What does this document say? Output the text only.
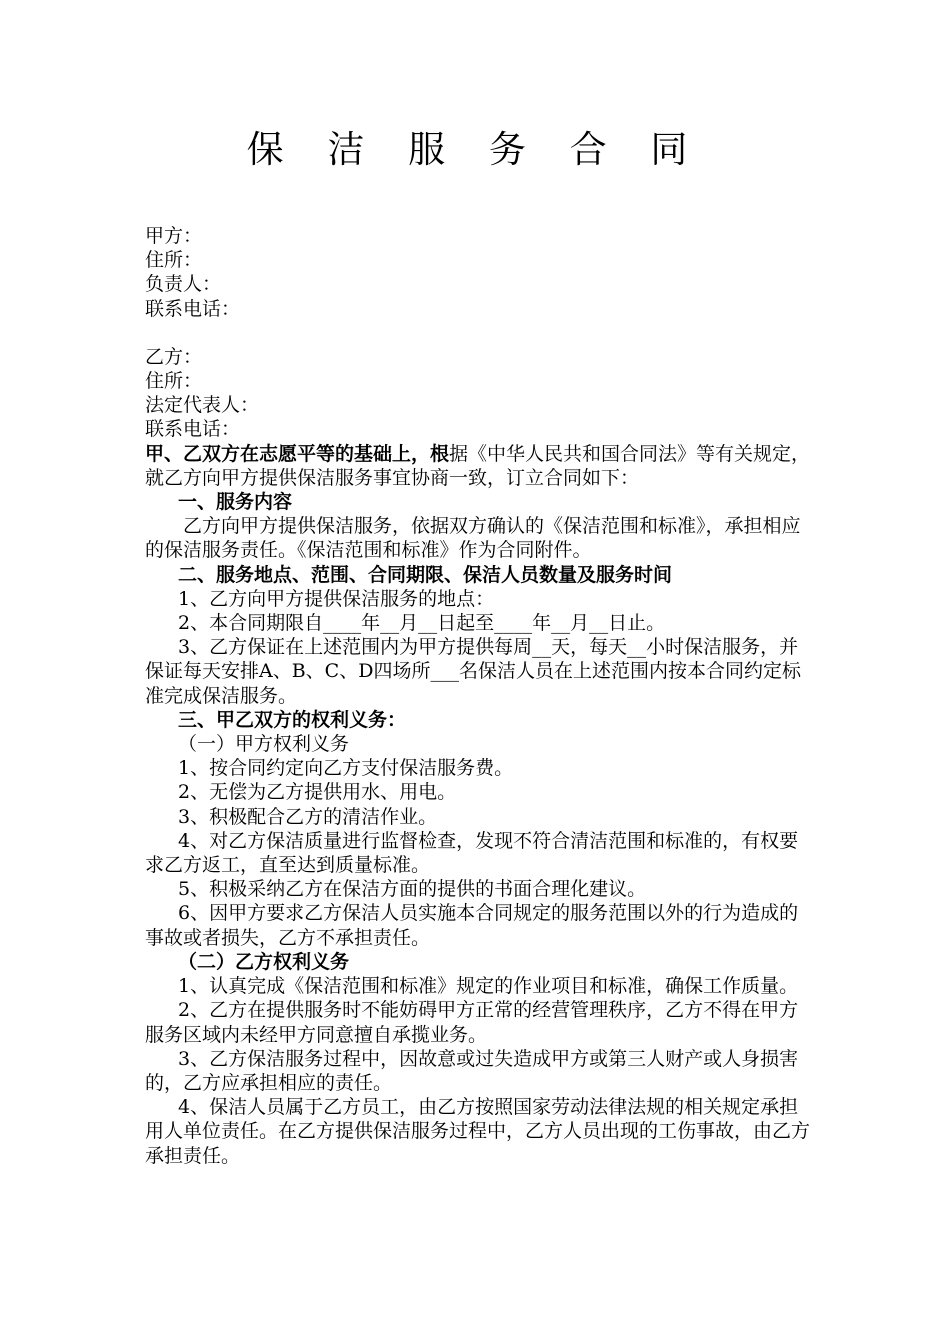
保 洁 服 务 合 同

甲方：

住所：

负责人：

联系电话：

乙方：

住所：

法定代表人：

联系电话：

甲、乙双方在志愿平等的基础上，根据《中华人民共和国合同法》等有关规定，就乙方向甲方提供保洁服务事宜协商一致，订立合同如下：

一、服务内容

乙方向甲方提供保洁服务，依据双方确认的《保洁范围和标准》，承担相应的保洁服务责任。《保洁范围和标准》作为合同附件。

二、服务地点、范围、合同期限、保洁人员数量及服务时间

1、乙方向甲方提供保洁服务的地点：

2、本合同期限自____年__月__日起至____年__月__日止。

3、乙方保证在上述范围内为甲方提供每周__天，每天__小时保洁服务，并保证每天安排A、B、C、D四场所___名保洁人员在上述范围内按本合同约定标准完成保洁服务。

三、甲乙双方的权利义务：

（一）甲方权利义务

1、按合同约定向乙方支付保洁服务费。

2、无偿为乙方提供用水、用电。

3、积极配合乙方的清洁作业。

4、对乙方保洁质量进行监督检查，发现不符合清洁范围和标准的，有权要求乙方返工，直至达到质量标准。

5、积极采纳乙方在保洁方面的提供的书面合理化建议。

6、因甲方要求乙方保洁人员实施本合同规定的服务范围以外的行为造成的事故或者损失，乙方不承担责任。

（二）乙方权利义务

1、认真完成《保洁范围和标准》规定的作业项目和标准，确保工作质量。

2、乙方在提供服务时不能妨碍甲方正常的经营管理秩序，乙方不得在甲方服务区域内未经甲方同意擅自承揽业务。

3、乙方保洁服务过程中，因故意或过失造成甲方或第三人财产或人身损害的，乙方应承担相应的责任。

4、保洁人员属于乙方员工，由乙方按照国家劳动法律法规的相关规定承担用人单位责任。在乙方提供保洁服务过程中，乙方人员出现的工伤事故，由乙方承担责任。
